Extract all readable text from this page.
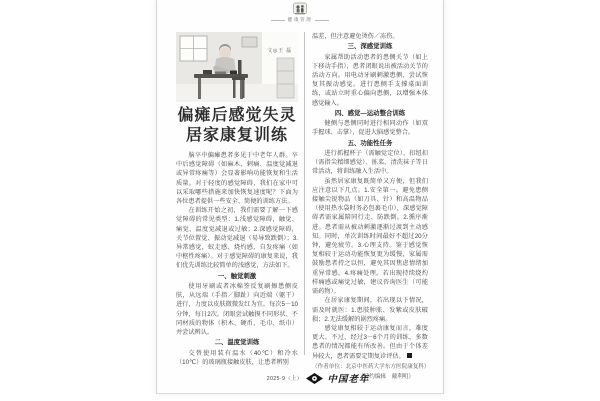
健康管理
文◎王 磊
偏瘫后感觉失灵
居家康复训练

脑卒中偏瘫患者多见于中老年人群。卒中后感觉障碍（如麻木、刺痛、温度觉减退或异常疼痛等）会显著影响功能恢复和生活质量。对于轻度的感觉障碍，我们在家中可以采取哪些措施来加快恢复速度呢？下面为各位患者提供一些安全、简便的训练方法。

在训练开始之初，我们需要了解一下感觉障碍的常见类型：1.浅感觉障碍，触觉、痛觉、温度觉减退或过敏；2.深感觉障碍，关节位置觉、振动觉减退（易导致跌倒）；3.异常感觉，蚁走感、烧灼感、自发疼痛（如中枢性疼痛）。对于感觉障碍的康复来说，我们优先训练比较简单的浅感觉，方法如下。

一、触觉刺激

使用牙刷或者冰棉签反复刷擦患侧皮肤，从远端（手指／脚趾）向近端（躯干）进行，力度以皮肤微微发红为宜。每次5－10分钟，每日2次。闭眼尝试触摸不同形状、不同材质的物体（积木、硬币、毛巾、纸巾）并尝试辨认。

二、温度觉训练

交替使用装有温水（40℃）和冷水（10℃）的玻璃瓶接触皮肤，让患者辨别

温差，但注意避免烫伤／冻伤。

三、深感觉训练

家属帮助活动患者的患侧关节（如上下移动手指），患者闭眼说出被活动关节的活动方向。用电动牙刷刺激患侧，尝试恢复其振动感觉。进行患侧手支撑桌面训练，或站立时重心偏向患侧，以增强本体感觉输入。

四、感觉—运动整合训练

健侧与患侧同时进行相同动作（如双手握球、击掌），促进大脑感觉整合。

五、功能性任务

进行抓握杯子（需触觉定位）、扣纽扣（需指尖精细感觉）、拣菜、清洗袜子等日常活动，将训练融入生活中。

虽然居家康复既简单又方便，但我们应注意以下几点。1.安全第一。避免患侧接触尖锐物品（如刀具、针）和高温物品（使用热水袋时务必包裹毛巾），深感觉障碍者需家属陪同行走、防跌倒。2.循序渐进。患者需从被动刺激逐渐过渡到主动感知。同时，单次训练时间最好不超过20分钟，避免疲劳。3.心理支持。鉴于感觉恢复相较于运动功能恢复更为缓慢，家属需鼓励患者持之以恒，避免其因焦虑情绪加重异常感。4.疼痛处理。若出现持续烧灼样痛感或痛觉过敏，建议咨询医生（可能需药物）。

在居家康复期间，若出现以下情况，需及时就医：1.患肢肿胀、发紫或皮肤破损；2.无法缓解的剧烈疼痛。

感觉康复相较于运动康复而言，难度更大。不过，经过3－6个月的训练，多数患者的情况都能有所改善。但由于个体差异较大，患者需要定期复诊评估。

（作者单位：北京中医药大学东方医院康复科）

（特约编辑　戴利明）

2025·9（上）	中国老年
